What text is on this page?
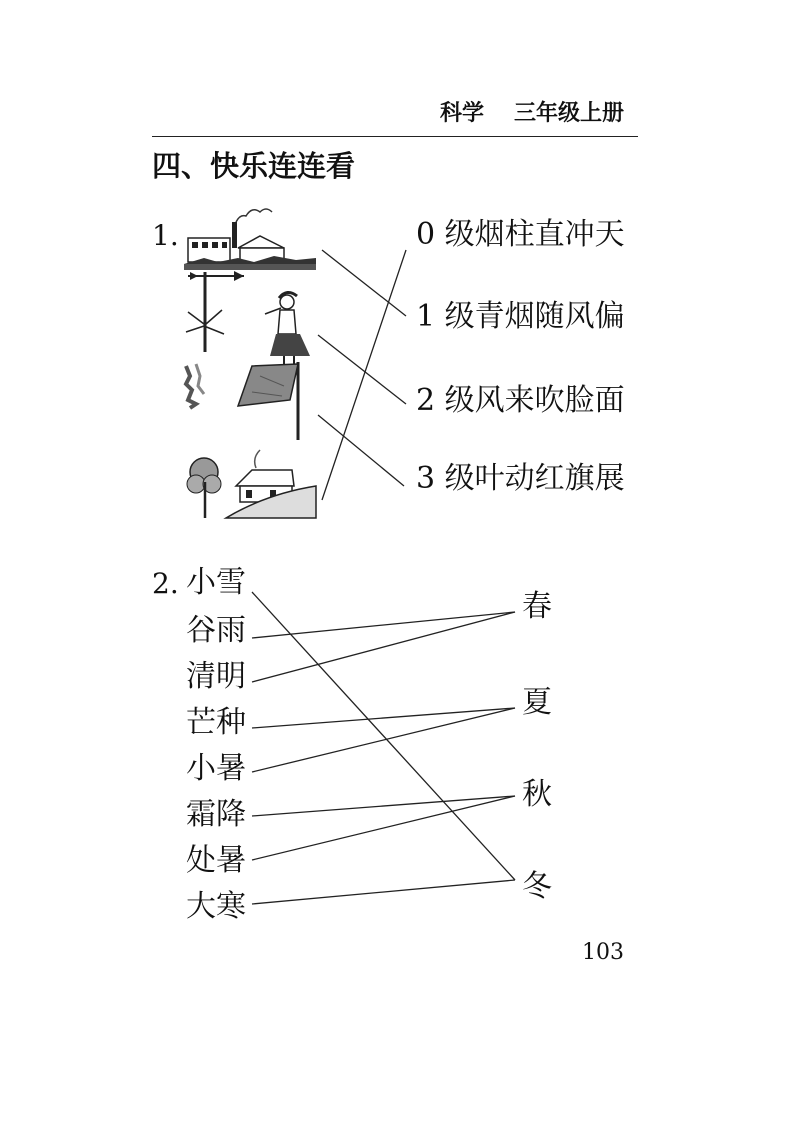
科学 三年级上册
四、快乐连连看
1.	0 级烟柱直冲天
1 级青烟随风偏
2 级风来吹脸面
3 级叶动红旗展
2. 小雪
谷雨
清明
芒种
小暑
霜降
处暑
大寒
春
夏
秋
冬
103
